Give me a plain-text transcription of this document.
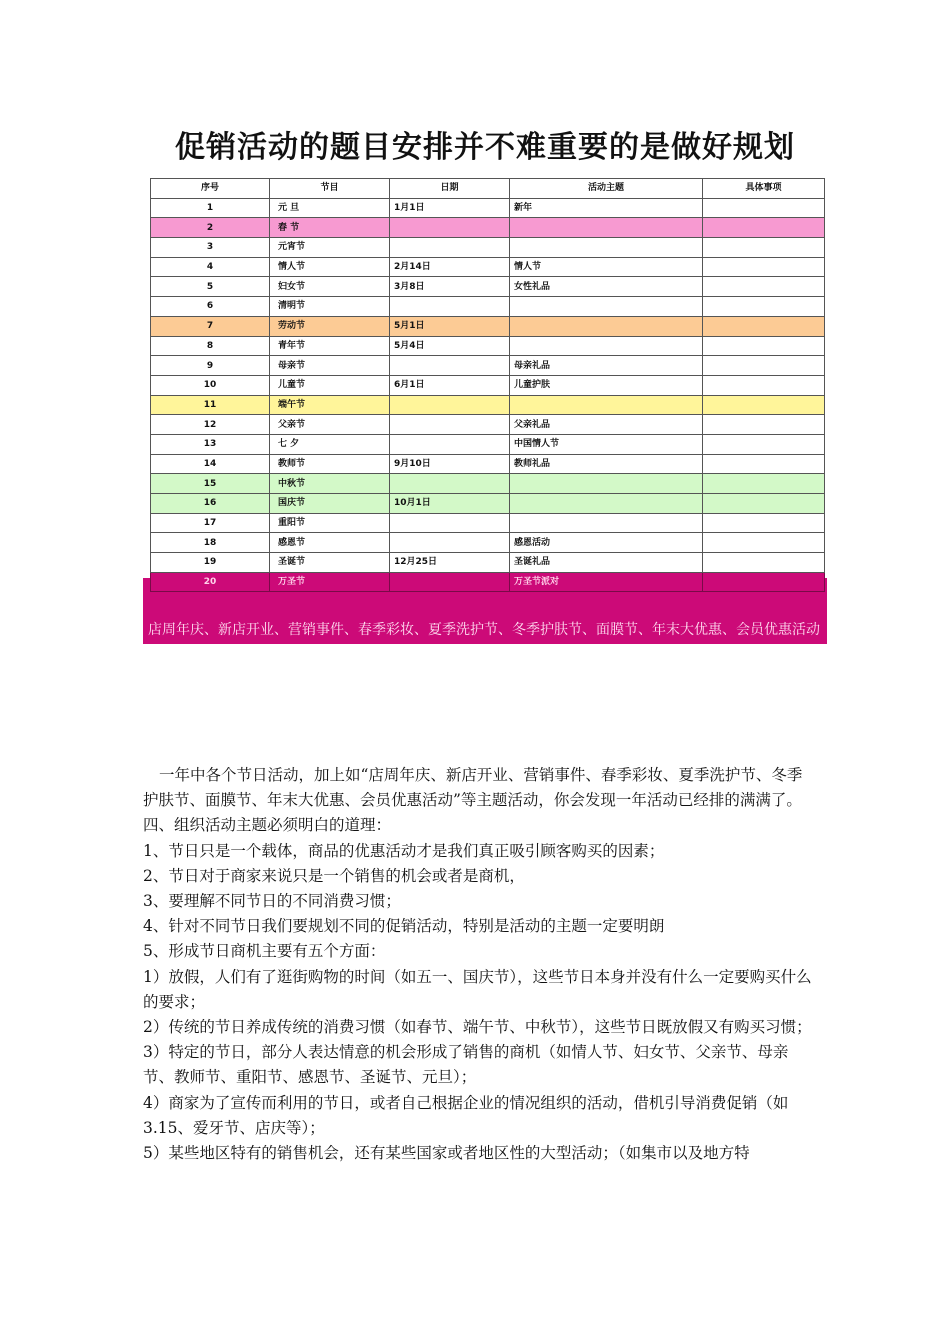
促销活动的题目安排并不难重要的是做好规划
序号	节目	日期	活动主题	具体事项
1	元 旦	1月1日	新年	
2	春 节			
3	元宵节			
4	情人节	2月14日	情人节	
5	妇女节	3月8日	女性礼品	
6	清明节			
7	劳动节	5月1日		
8	青年节	5月4日		
9	母亲节		母亲礼品	
10	儿童节	6月1日	儿童护肤	
11	端午节			
12	父亲节		父亲礼品	
13	七 夕		中国情人节	
14	教师节	9月10日	教师礼品	
15	中秋节			
16	国庆节	10月1日		
17	重阳节			
18	感恩节		感恩活动	
19	圣诞节	12月25日	圣诞礼品	
20	万圣节		万圣节派对	
店周年庆、新店开业、营销事件、春季彩妆、夏季洗护节、冬季护肤节、面膜节、年末大优惠、会员优惠活动

一年中各个节日活动，加上如“店周年庆、新店开业、营销事件、春季彩妆、夏季洗护节、冬季护肤节、面膜节、年末大优惠、会员优惠活动”等主题活动，你会发现一年活动已经排的满满了。

四、组织活动主题必须明白的道理：

1、节日只是一个载体，商品的优惠活动才是我们真正吸引顾客购买的因素；

2、节日对于商家来说只是一个销售的机会或者是商机，

3、要理解不同节日的不同消费习惯；

4、针对不同节日我们要规划不同的促销活动，特别是活动的主题一定要明朗

5、形成节日商机主要有五个方面：

1）放假，人们有了逛街购物的时间（如五一、国庆节），这些节日本身并没有什么一定要购买什么的要求；

2）传统的节日养成传统的消费习惯（如春节、端午节、中秋节），这些节日既放假又有购买习惯；

3）特定的节日，部分人表达情意的机会形成了销售的商机（如情人节、妇女节、父亲节、母亲节、教师节、重阳节、感恩节、圣诞节、元旦）；

4）商家为了宣传而利用的节日，或者自己根据企业的情况组织的活动，借机引导消费促销（如3.15、爱牙节、店庆等）；

5）某些地区特有的销售机会，还有某些国家或者地区性的大型活动；（如集市以及地方特
